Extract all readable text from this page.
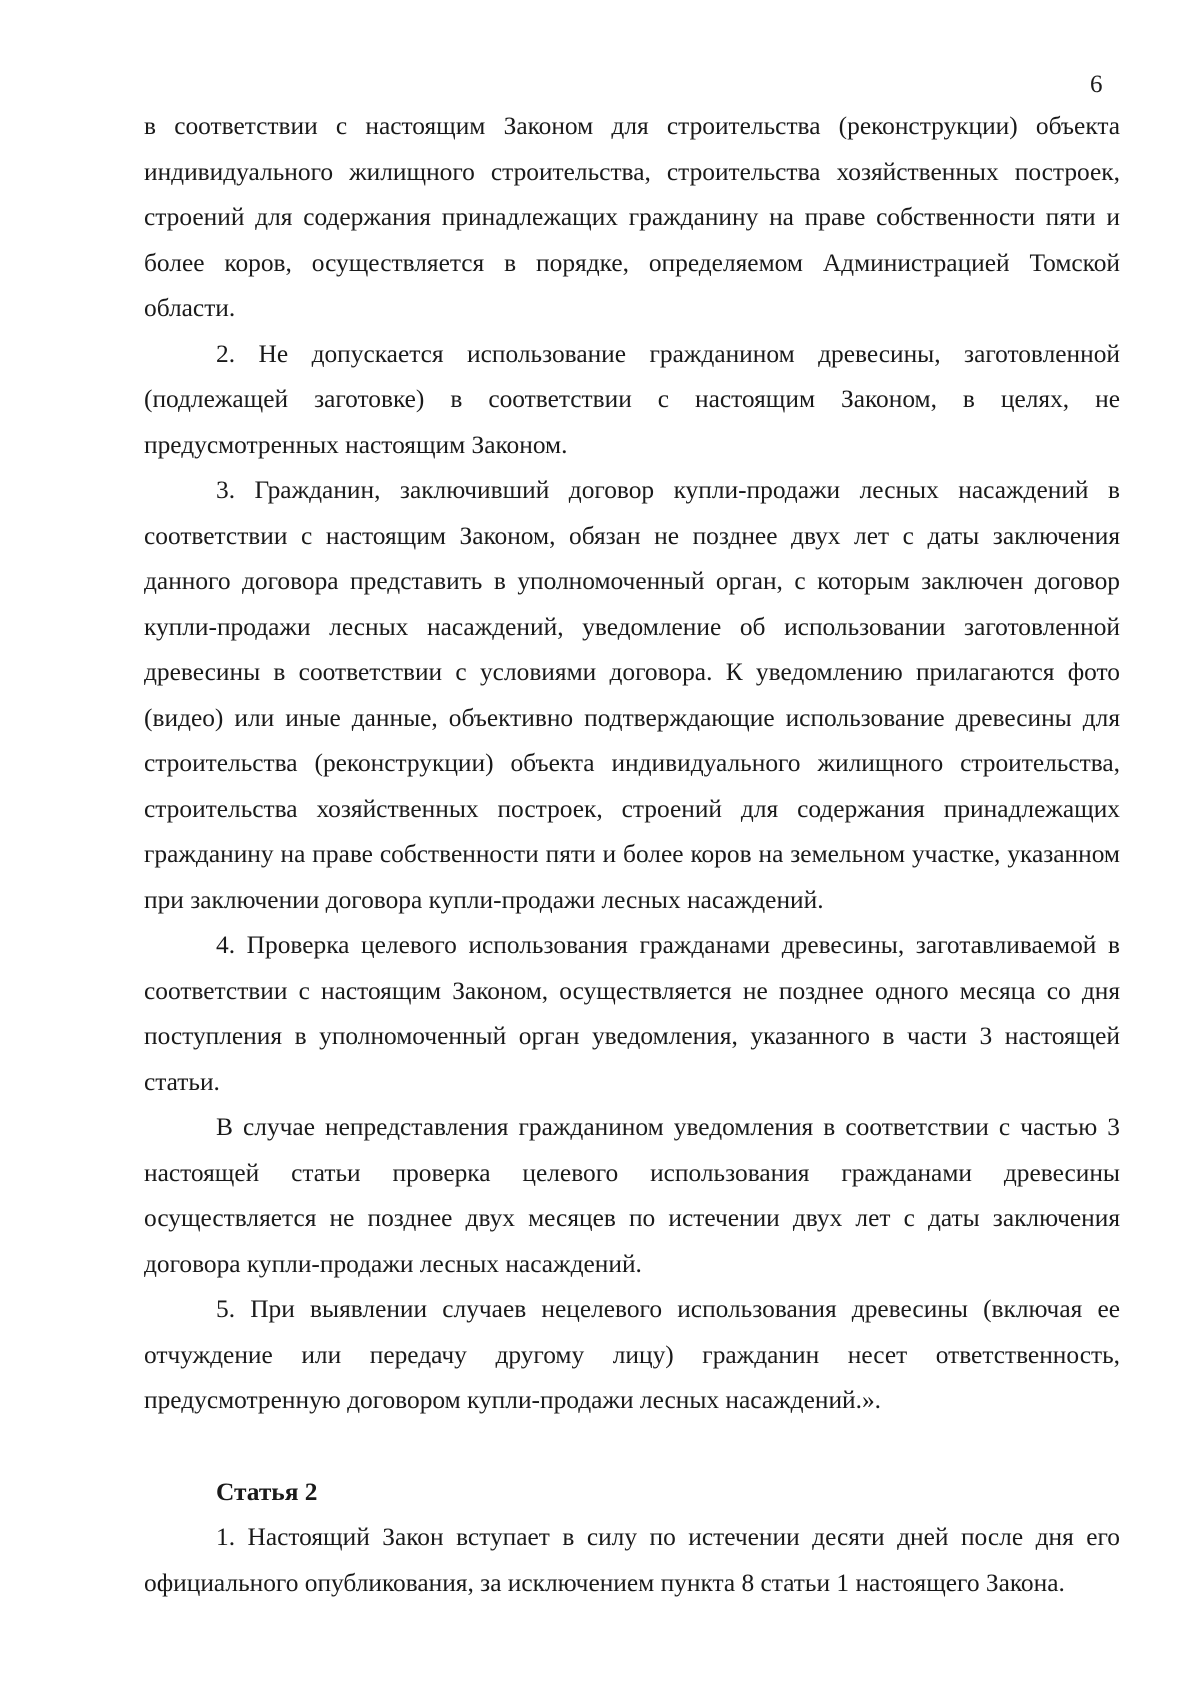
6

в соответствии с настоящим Законом для строительства (реконструкции) объекта индивидуального жилищного строительства, строительства хозяйственных построек, строений для содержания принадлежащих гражданину на праве собственности пяти и более коров, осуществляется в порядке, определяемом Администрацией Томской области.

2. Не допускается использование гражданином древесины, заготовленной (подлежащей заготовке) в соответствии с настоящим Законом, в целях, не предусмотренных настоящим Законом.

3. Гражданин, заключивший договор купли-продажи лесных насаждений в соответствии с настоящим Законом, обязан не позднее двух лет с даты заключения данного договора представить в уполномоченный орган, с которым заключен договор купли-продажи лесных насаждений, уведомление об использовании заготовленной древесины в соответствии с условиями договора. К уведомлению прилагаются фото (видео) или иные данные, объективно подтверждающие использование древесины для строительства (реконструкции) объекта индивидуального жилищного строительства, строительства хозяйственных построек, строений для содержания принадлежащих гражданину на праве собственности пяти и более коров на земельном участке, указанном при заключении договора купли-продажи лесных насаждений.

4. Проверка целевого использования гражданами древесины, заготавливаемой в соответствии с настоящим Законом, осуществляется не позднее одного месяца со дня поступления в уполномоченный орган уведомления, указанного в части 3 настоящей статьи.

В случае непредставления гражданином уведомления в соответствии с частью 3 настоящей статьи проверка целевого использования гражданами древесины осуществляется не позднее двух месяцев по истечении двух лет с даты заключения договора купли-продажи лесных насаждений.

5. При выявлении случаев нецелевого использования древесины (включая ее отчуждение или передачу другому лицу) гражданин несет ответственность, предусмотренную договором купли-продажи лесных насаждений.».

Статья 2

1. Настоящий Закон вступает в силу по истечении десяти дней после дня его официального опубликования, за исключением пункта 8 статьи 1 настоящего Закона.
